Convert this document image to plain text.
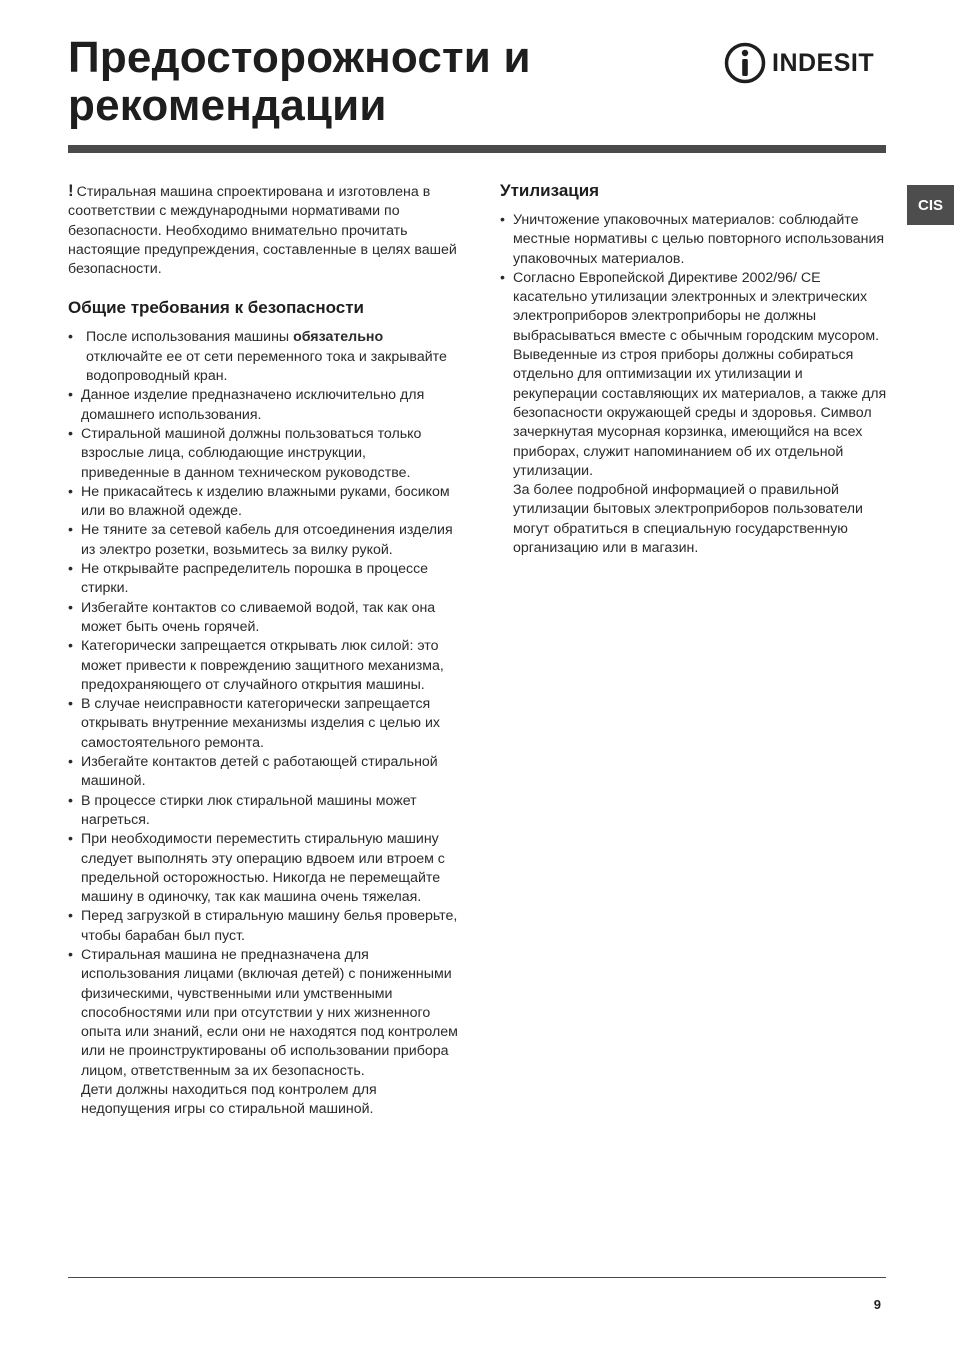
Предосторожности и
рекомендации
INDESIT
CIS

! Стиральная машина спроектирована и изготовлена в соответствии с международными нормативами по безопасности. Необходимо внимательно прочитать настоящие предупреждения, составленные в целях вашей безопасности.

Общие требования к безопасности
• После использования машины обязательно отключайте ее от сети переменного тока и закрывайте водопроводный кран.
• Данное изделие предназначено исключительно для домашнего использования.
• Стиральной машиной должны пользоваться только взрослые лица, соблюдающие инструкции, приведенные в данном техническом руководстве.
• Не прикасайтесь к изделию влажными руками, босиком или во влажной одежде.
• Не тяните за сетевой кабель для отсоединения изделия из электро розетки, возьмитесь за вилку рукой.
• Не открывайте распределитель порошка в процессе стирки.
• Избегайте контактов со сливаемой водой, так как она может быть очень горячей.
• Категорически запрещается открывать люк силой: это может привести к повреждению защитного механизма, предохраняющего от случайного открытия машины.
• В случае неисправности категорически запрещается открывать внутренние механизмы изделия с целью их самостоятельного ремонта.
• Избегайте контактов детей с работающей стиральной машиной.
• В процессе стирки люк стиральной машины может нагреться.
• При необходимости переместить стиральную машину следует выполнять эту операцию вдвоем или втроем с предельной осторожностью. Никогда не перемещайте машину в одиночку, так как машина очень тяжелая.
• Перед загрузкой в стиральную машину белья проверьте, чтобы барабан был пуст.
• Стиральная машина не предназначена для использования лицами (включая детей) с пониженными физическими, чувственными или умственными способностями или при отсутствии у них жизненного опыта или знаний, если они не находятся под контролем или не проинструктированы об использовании прибора лицом, ответственным за их безопасность.
Дети должны находиться под контролем для недопущения игры со стиральной машиной.
Утилизация
• Уничтожение упаковочных материалов: соблюдайте местные нормативы с целью повторного использования упаковочных материалов.
• Согласно Европейской Директиве 2002/96/ CE касательно утилизации электронных и электрических электроприборов электроприборы не должны выбрасываться вместе с обычным городским мусором. Выведенные из строя приборы должны собираться отдельно для оптимизации их утилизации и рекуперации составляющих их материалов, а также для безопасности окружающей среды и здоровья. Символ зачеркнутая мусорная корзинка, имеющийся на всех приборах, служит напоминанием об их отдельной утилизации.
За более подробной информацией о правильной утилизации бытовых электроприборов пользователи могут обратиться в специальную государственную организацию или в магазин.
9
